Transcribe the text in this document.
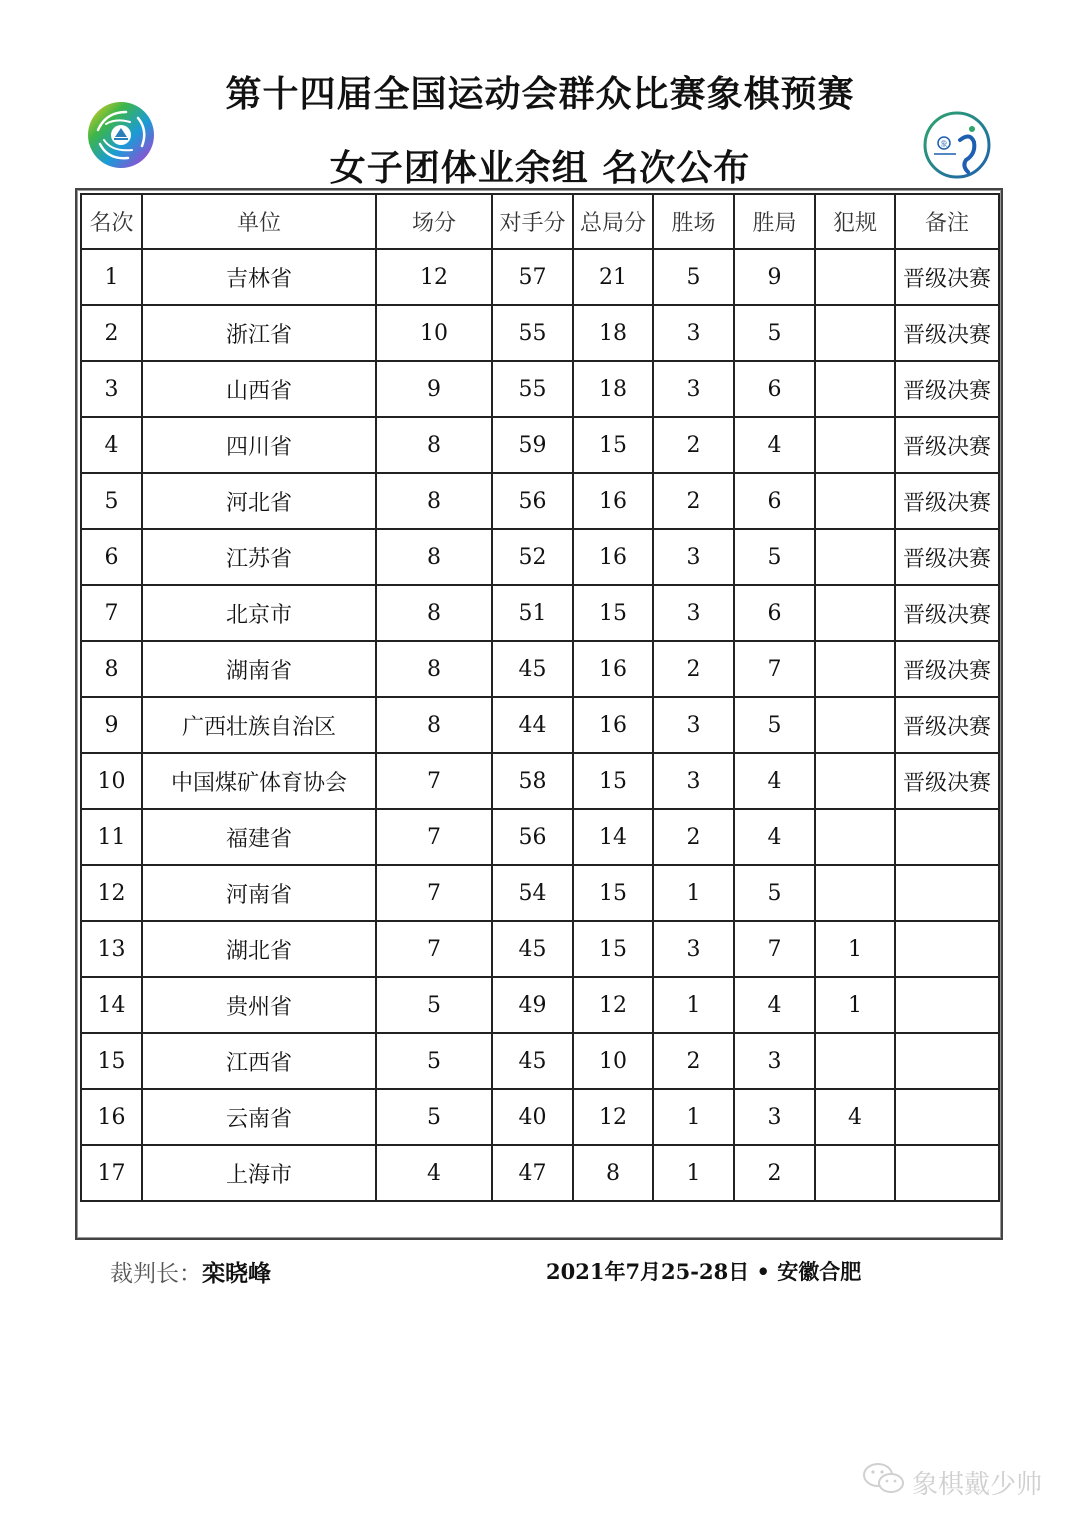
第十四届全国运动会群众比赛象棋预赛
女子团体业余组 名次公布
象
名次	单位	场分	对手分	总局分	胜场	胜局	犯规	备注
1	吉林省	12	57	21	5	9		晋级决赛
2	浙江省	10	55	18	3	5		晋级决赛
3	山西省	9	55	18	3	6		晋级决赛
4	四川省	8	59	15	2	4		晋级决赛
5	河北省	8	56	16	2	6		晋级决赛
6	江苏省	8	52	16	3	5		晋级决赛
7	北京市	8	51	15	3	6		晋级决赛
8	湖南省	8	45	16	2	7		晋级决赛
9	广西壮族自治区	8	44	16	3	5		晋级决赛
10	中国煤矿体育协会	7	58	15	3	4		晋级决赛
11	福建省	7	56	14	2	4		
12	河南省	7	54	15	1	5		
13	湖北省	7	45	15	3	7	1	
14	贵州省	5	49	12	1	4	1	
15	江西省	5	45	10	2	3		
16	云南省	5	40	12	1	3	4	
17	上海市	4	47	8	1	2		
裁判长：栾晓峰	2021年7月25-28日 • 安徽合肥
象棋戴少帅
